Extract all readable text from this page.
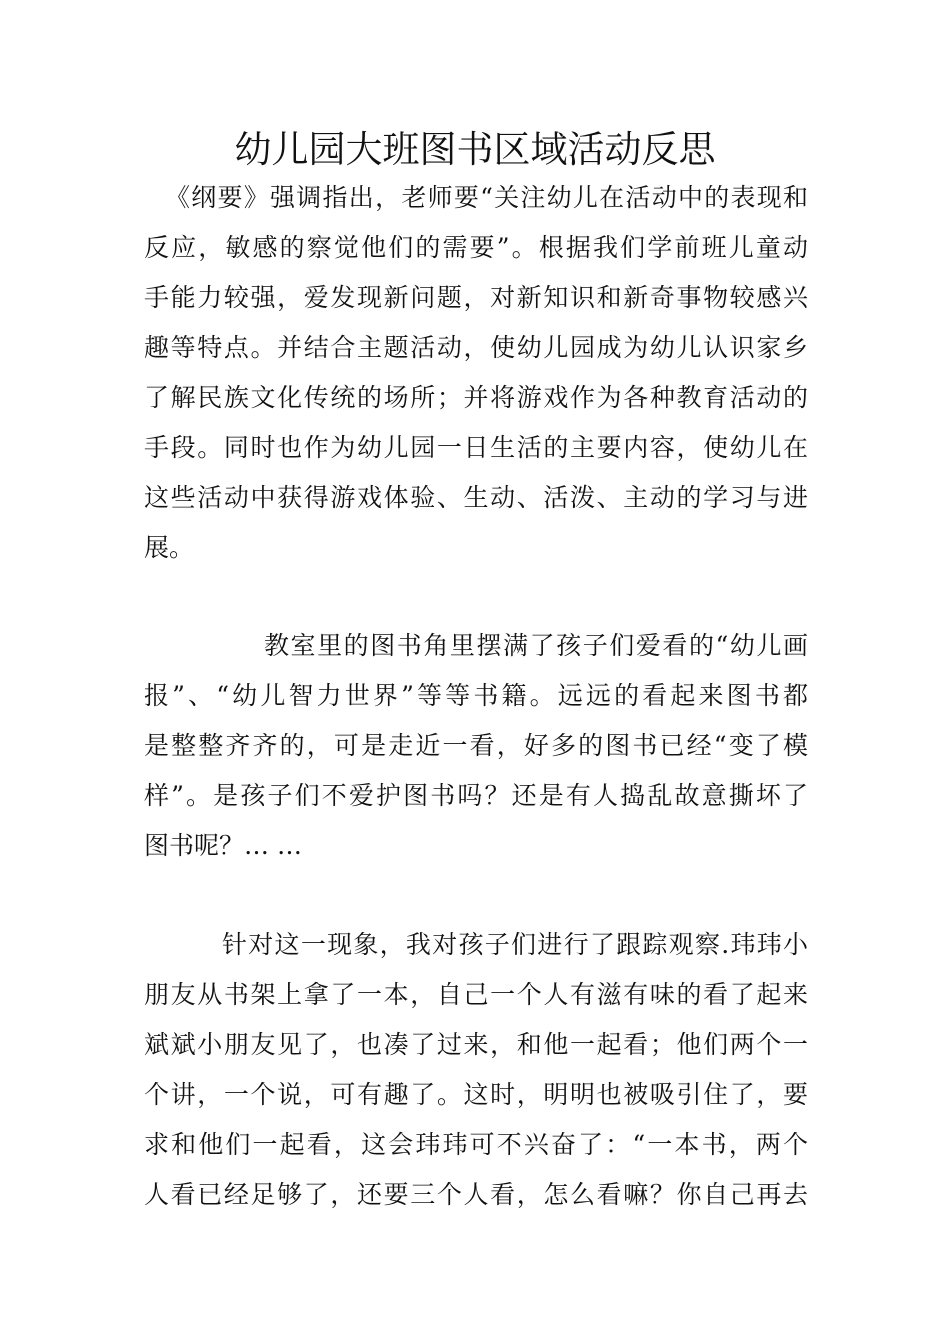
幼儿园大班图书区域活动反思
《纲要》强调指出，老师要“关注幼儿在活动中的表现和
反应，敏感的察觉他们的需要”。根据我们学前班儿童动
手能力较强，爱发现新问题，对新知识和新奇事物较感兴
趣等特点。并结合主题活动，使幼儿园成为幼儿认识家乡
了解民族文化传统的场所；并将游戏作为各种教育活动的
手段。同时也作为幼儿园一日生活的主要内容，使幼儿在
这些活动中获得游戏体验、生动、活泼、主动的学习与进
展。
教室里的图书角里摆满了孩子们爱看的“幼儿画
报”、“幼儿智力世界”等等书籍。远远的看起来图书都
是整整齐齐的，可是走近一看，好多的图书已经“变了模
样”。是孩子们不爱护图书吗？还是有人捣乱故意撕坏了
图书呢？… …
针对这一现象，我对孩子们进行了跟踪观察.玮玮小
朋友从书架上拿了一本，自己一个人有滋有味的看了起来
斌斌小朋友见了，也凑了过来，和他一起看；他们两个一
个讲，一个说，可有趣了。这时，明明也被吸引住了，要
求和他们一起看，这会玮玮可不兴奋了：“一本书，两个
人看已经足够了，还要三个人看，怎么看嘛？你自己再去
